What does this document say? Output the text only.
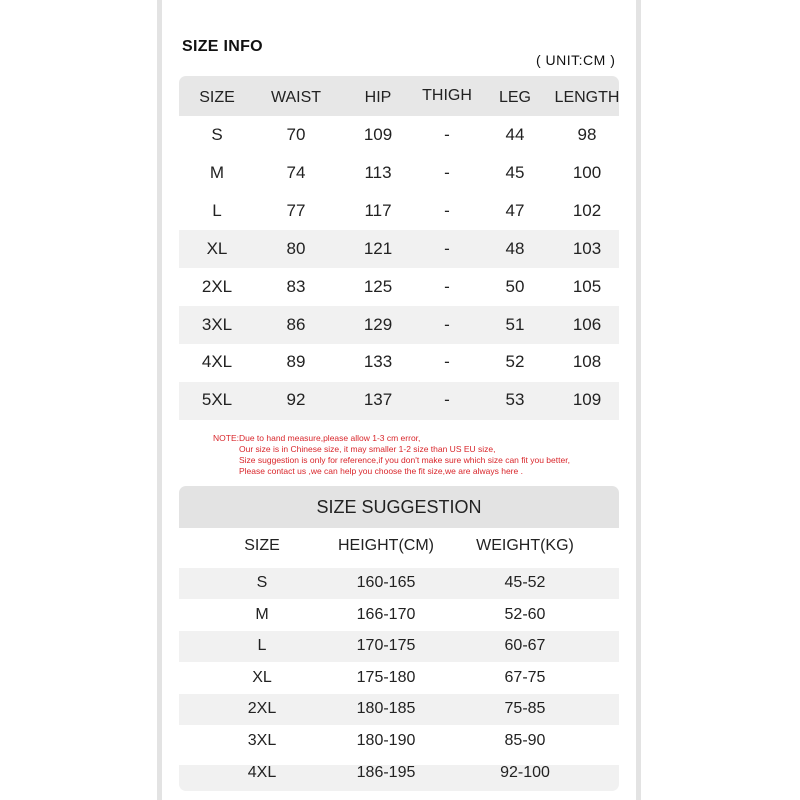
SIZE INFO
( UNIT:CM )
SIZE	WAIST	HIP	THIGH	LEG	LENGTH
S	70	109	-	44	98
M	74	113	-	45	100
L	77	117	-	47	102
XL	80	121	-	48	103
2XL	83	125	-	50	105
3XL	86	129	-	51	106
4XL	89	133	-	52	108
5XL	92	137	-	53	109
NOTE:Due to hand measure,please allow 1-3 cm error,
Our size is in Chinese size, it may smaller 1-2 size than US EU size,
Size suggestion is only for reference,if you don't make sure which size can fit you better,
Please contact us ,we can help you choose the fit size,we are always here .
SIZE SUGGESTION
SIZE	HEIGHT(CM)	WEIGHT(KG)
S	160-165	45-52
M	166-170	52-60
L	170-175	60-67
XL	175-180	67-75
2XL	180-185	75-85
3XL	180-190	85-90
4XL	186-195	92-100
